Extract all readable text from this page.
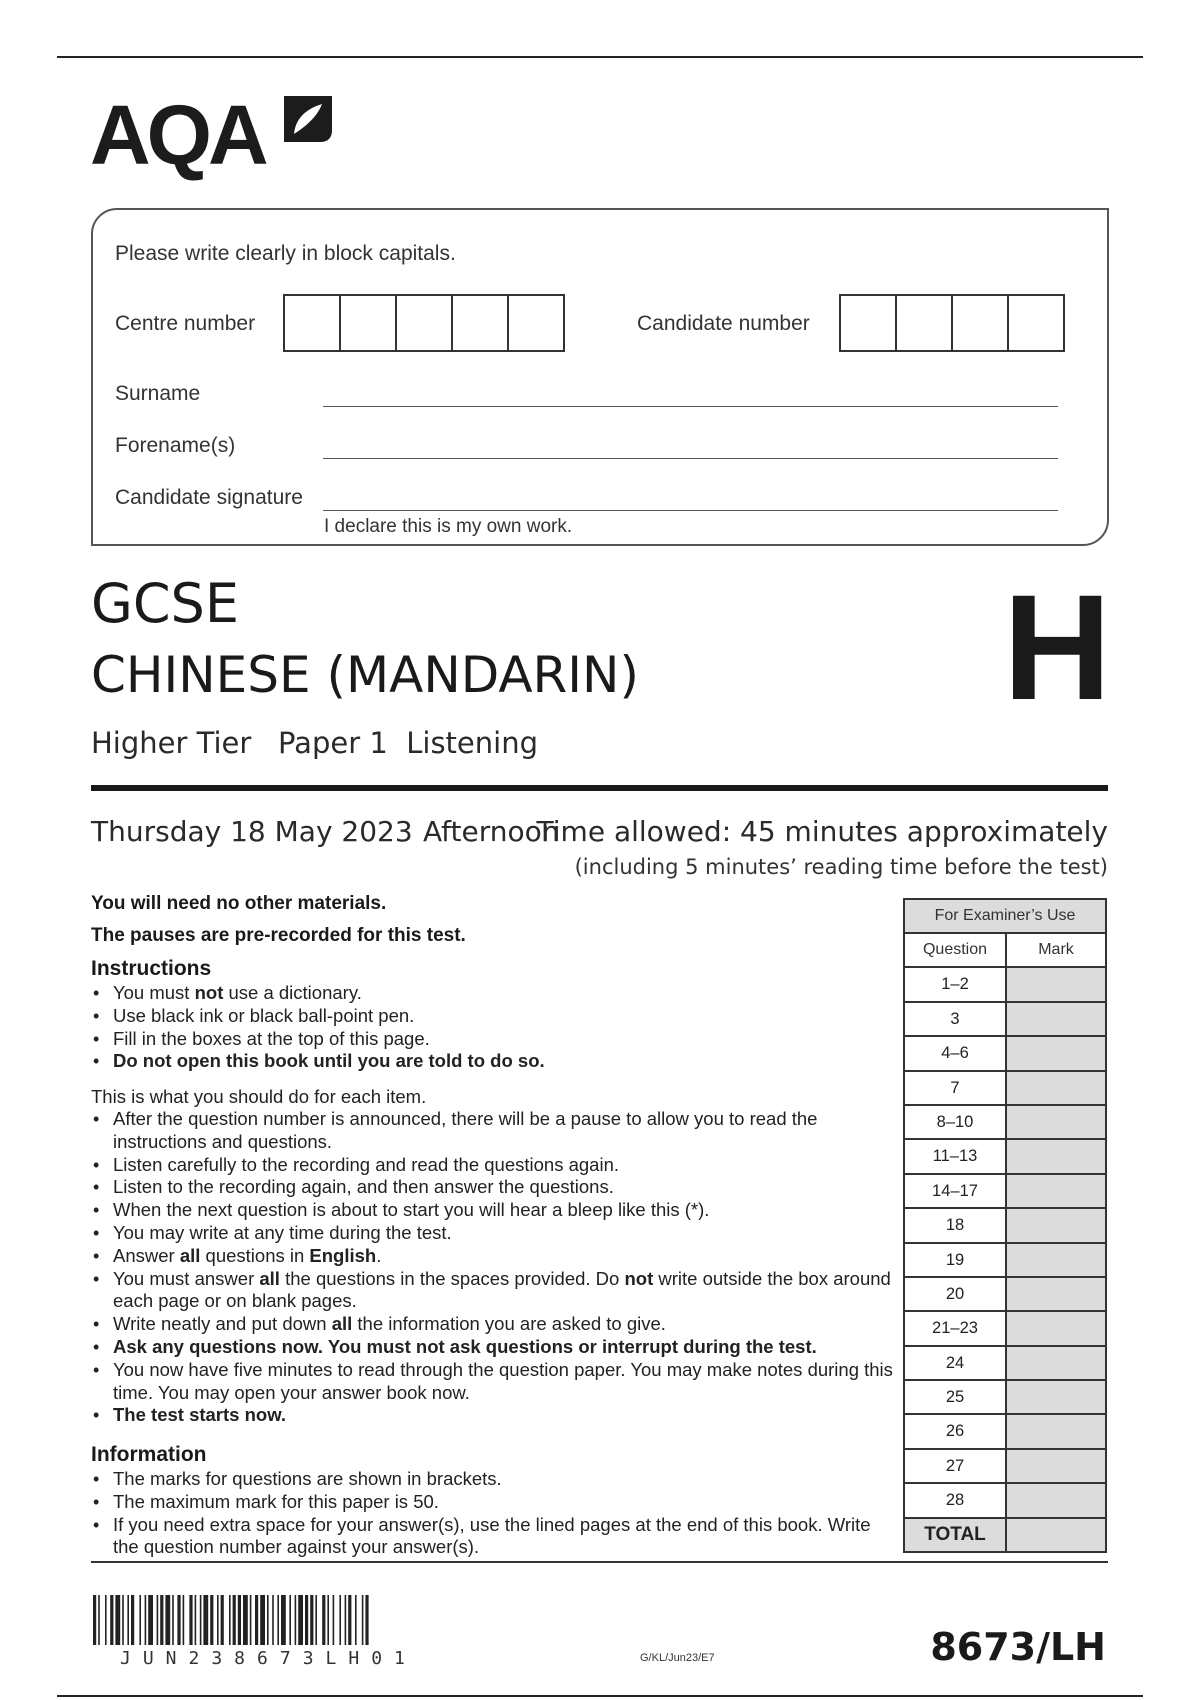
AQA
Please write clearly in block capitals.
Centre number	Candidate number
Surname
Forename(s)
Candidate signature
I declare this is my own work.
GCSE
CHINESE (MANDARIN)
Higher Tier Paper 1  Listening
H
Thursday 18 May 2023 Afternoon
Time allowed: 45 minutes approximately
(including 5 minutes’ reading time before the test)
You will need no other materials.
The pauses are pre-recorded for this test.
Instructions
• You must not use a dictionary.
• Use black ink or black ball-point pen.
• Fill in the boxes at the top of this page.
• Do not open this book until you are told to do so.
This is what you should do for each item.
• After the question number is announced, there will be a pause to allow you to read the instructions and questions.
• Listen carefully to the recording and read the questions again.
• Listen to the recording again, and then answer the questions.
• When the next question is about to start you will hear a bleep like this (*).
• You may write at any time during the test.
• Answer all questions in English.
• You must answer all the questions in the spaces provided. Do not write outside the box around each page or on blank pages.
• Write neatly and put down all the information you are asked to give.
• Ask any questions now. You must not ask questions or interrupt during the test.
• You now have five minutes to read through the question paper. You may make notes during this time. You may open your answer book now.
• The test starts now.
Information
• The marks for questions are shown in brackets.
• The maximum mark for this paper is 50.
• If you need extra space for your answer(s), use the lined pages at the end of this book. Write the question number against your answer(s).
For Examiner’s Use
Question	Mark
1–2
3
4–6
7
8–10
11–13
14–17
18
19
20
21–23
24
25
26
27
28
TOTAL
JUN238673LH01	G/KL/Jun23/E7	8673/LH
